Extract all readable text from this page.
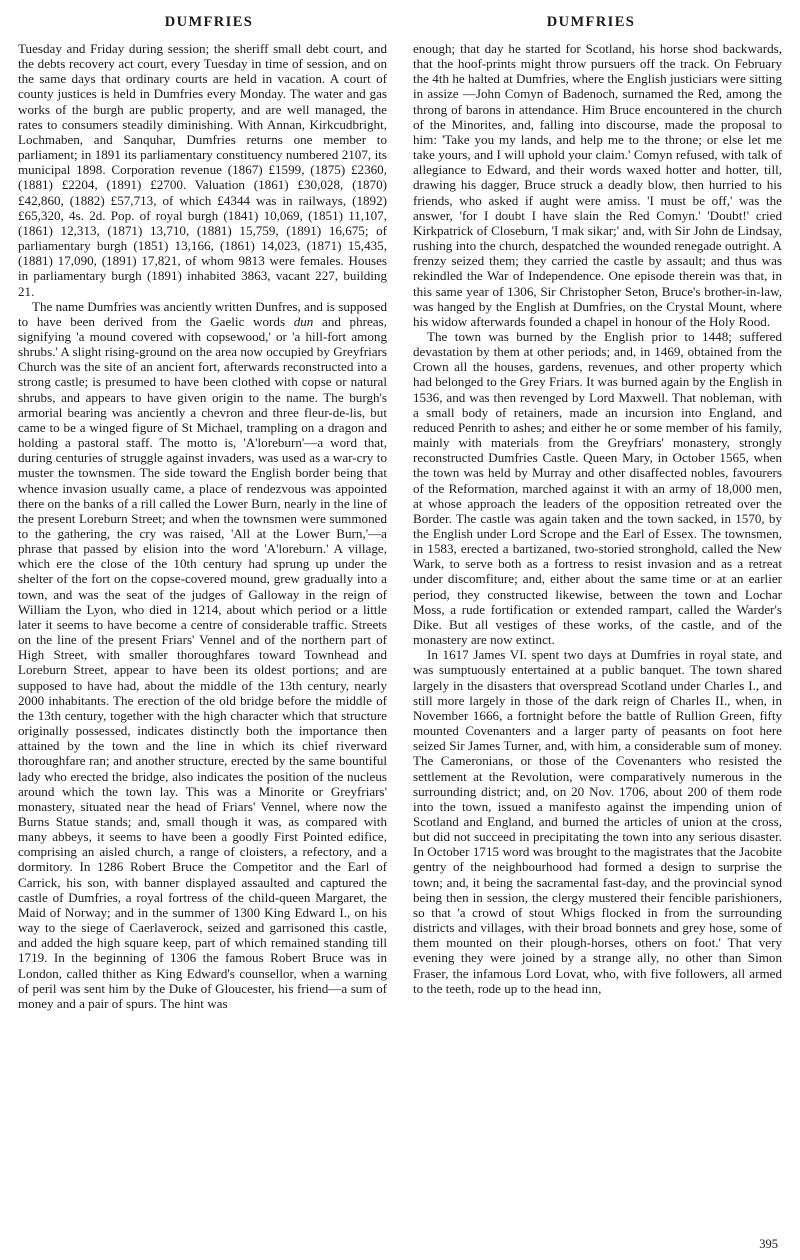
DUMFRIES	DUMFRIES

Tuesday and Friday during session; the sheriff small debt court, and the debts recovery act court, every Tuesday in time of session, and on the same days that ordinary courts are held in vacation. A court of county justices is held in Dumfries every Monday. The water and gas works of the burgh are public property, and are well managed, the rates to consumers steadily diminishing. With Annan, Kirkcudbright, Lochmaben, and Sanquhar, Dumfries returns one member to parliament; in 1891 its parliamentary constituency numbered 2107, its municipal 1898. Corporation revenue (1867) £1599, (1875) £2360, (1881) £2204, (1891) £2700. Valuation (1861) £30,028, (1870) £42,860, (1882) £57,713, of which £4344 was in railways, (1892) £65,320, 4s. 2d. Pop. of royal burgh (1841) 10,069, (1851) 11,107, (1861) 12,313, (1871) 13,710, (1881) 15,759, (1891) 16,675; of parliamentary burgh (1851) 13,166, (1861) 14,023, (1871) 15,435, (1881) 17,090, (1891) 17,821, of whom 9813 were females. Houses in parliamentary burgh (1891) inhabited 3863, vacant 227, building 21.

The name Dumfries was anciently written Dunfres, and is supposed to have been derived from the Gaelic words dun and phreas, signifying 'a mound covered with copsewood,' or 'a hill-fort among shrubs.' A slight rising-ground on the area now occupied by Greyfriars Church was the site of an ancient fort, afterwards reconstructed into a strong castle; is presumed to have been clothed with copse or natural shrubs, and appears to have given origin to the name. The burgh's armorial bearing was anciently a chevron and three fleur-de-lis, but came to be a winged figure of St Michael, trampling on a dragon and holding a pastoral staff. The motto is, 'A'loreburn'—a word that, during centuries of struggle against invaders, was used as a war-cry to muster the townsmen. The side toward the English border being that whence invasion usually came, a place of rendezvous was appointed there on the banks of a rill called the Lower Burn, nearly in the line of the present Loreburn Street; and when the townsmen were summoned to the gathering, the cry was raised, 'All at the Lower Burn,'—a phrase that passed by elision into the word 'A'loreburn.' A village, which ere the close of the 10th century had sprung up under the shelter of the fort on the copse-covered mound, grew gradually into a town, and was the seat of the judges of Galloway in the reign of William the Lyon, who died in 1214, about which period or a little later it seems to have become a centre of considerable traffic. Streets on the line of the present Friars' Vennel and of the northern part of High Street, with smaller thoroughfares toward Townhead and Loreburn Street, appear to have been its oldest portions; and are supposed to have had, about the middle of the 13th century, nearly 2000 inhabitants. The erection of the old bridge before the middle of the 13th century, together with the high character which that structure originally possessed, indicates distinctly both the importance then attained by the town and the line in which its chief riverward thoroughfare ran; and another structure, erected by the same bountiful lady who erected the bridge, also indicates the position of the nucleus around which the town lay. This was a Minorite or Greyfriars' monastery, situated near the head of Friars' Vennel, where now the Burns Statue stands; and, small though it was, as compared with many abbeys, it seems to have been a goodly First Pointed edifice, comprising an aisled church, a range of cloisters, a refectory, and a dormitory. In 1286 Robert Bruce the Competitor and the Earl of Carrick, his son, with banner displayed assaulted and captured the castle of Dumfries, a royal fortress of the child-queen Margaret, the Maid of Norway; and in the summer of 1300 King Edward I., on his way to the siege of Caerlaverock, seized and garrisoned this castle, and added the high square keep, part of which remained standing till 1719. In the beginning of 1306 the famous Robert Bruce was in London, called thither as King Edward's counsellor, when a warning of peril was sent him by the Duke of Gloucester, his friend—a sum of money and a pair of spurs. The hint was

enough; that day he started for Scotland, his horse shod backwards, that the hoof-prints might throw pursuers off the track. On February the 4th he halted at Dumfries, where the English justiciars were sitting in assize —John Comyn of Badenoch, surnamed the Red, among the throng of barons in attendance. Him Bruce encountered in the church of the Minorites, and, falling into discourse, made the proposal to him: 'Take you my lands, and help me to the throne; or else let me take yours, and I will uphold your claim.' Comyn refused, with talk of allegiance to Edward, and their words waxed hotter and hotter, till, drawing his dagger, Bruce struck a deadly blow, then hurried to his friends, who asked if aught were amiss. 'I must be off,' was the answer, 'for I doubt I have slain the Red Comyn.' 'Doubt!' cried Kirkpatrick of Closeburn, 'I mak sikar;' and, with Sir John de Lindsay, rushing into the church, despatched the wounded renegade outright. A frenzy seized them; they carried the castle by assault; and thus was rekindled the War of Independence. One episode therein was that, in this same year of 1306, Sir Christopher Seton, Bruce's brother-in-law, was hanged by the English at Dumfries, on the Crystal Mount, where his widow afterwards founded a chapel in honour of the Holy Rood.

The town was burned by the English prior to 1448; suffered devastation by them at other periods; and, in 1469, obtained from the Crown all the houses, gardens, revenues, and other property which had belonged to the Grey Friars. It was burned again by the English in 1536, and was then revenged by Lord Maxwell. That nobleman, with a small body of retainers, made an incursion into England, and reduced Penrith to ashes; and either he or some member of his family, mainly with materials from the Greyfriars' monastery, strongly reconstructed Dumfries Castle. Queen Mary, in October 1565, when the town was held by Murray and other disaffected nobles, favourers of the Reformation, marched against it with an army of 18,000 men, at whose approach the leaders of the opposition retreated over the Border. The castle was again taken and the town sacked, in 1570, by the English under Lord Scrope and the Earl of Essex. The townsmen, in 1583, erected a bartizaned, two-storied stronghold, called the New Wark, to serve both as a fortress to resist invasion and as a retreat under discomfiture; and, either about the same time or at an earlier period, they constructed likewise, between the town and Lochar Moss, a rude fortification or extended rampart, called the Warder's Dike. But all vestiges of these works, of the castle, and of the monastery are now extinct.

In 1617 James VI. spent two days at Dumfries in royal state, and was sumptuously entertained at a public banquet. The town shared largely in the disasters that overspread Scotland under Charles I., and still more largely in those of the dark reign of Charles II., when, in November 1666, a fortnight before the battle of Rullion Green, fifty mounted Covenanters and a larger party of peasants on foot here seized Sir James Turner, and, with him, a considerable sum of money. The Cameronians, or those of the Covenanters who resisted the settlement at the Revolution, were comparatively numerous in the surrounding district; and, on 20 Nov. 1706, about 200 of them rode into the town, issued a manifesto against the impending union of Scotland and England, and burned the articles of union at the cross, but did not succeed in precipitating the town into any serious disaster. In October 1715 word was brought to the magistrates that the Jacobite gentry of the neighbourhood had formed a design to surprise the town; and, it being the sacramental fast-day, and the provincial synod being then in session, the clergy mustered their fencible parishioners, so that 'a crowd of stout Whigs flocked in from the surrounding districts and villages, with their broad bonnets and grey hose, some of them mounted on their plough-horses, others on foot.' That very evening they were joined by a strange ally, no other than Simon Fraser, the infamous Lord Lovat, who, with five followers, all armed to the teeth, rode up to the head inn,

395
